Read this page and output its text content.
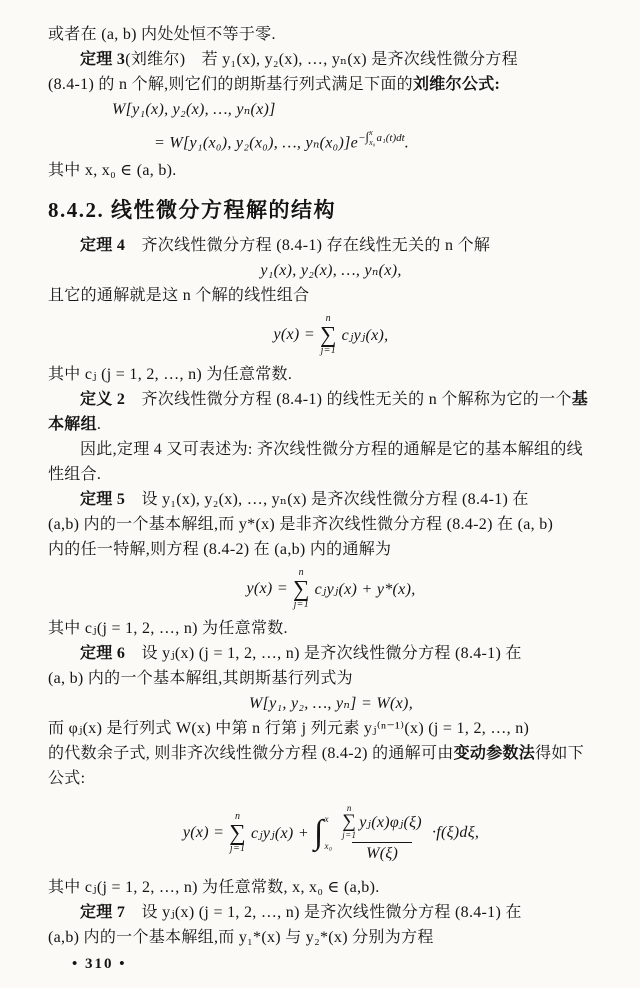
或者在 (a, b) 内处处恒不等于零.
定理 3(刘维尔)　若 y₁(x), y₂(x), …, yₙ(x) 是齐次线性微分方程
(8.4-1) 的 n 个解,则它们的朗斯基行列式满足下面的刘维尔公式:
W[y₁(x), y₂(x), …, yₙ(x)]
= W[y₁(x₀), y₂(x₀), …, $y_n(x_0)]e^{-\int x x_0 a_1(t)dt}$.
其中 x, x₀ ∈ (a, b).
8.4.2. 线性微分方程解的结构
定理 4　齐次线性微分方程 (8.4-1) 存在线性无关的 n 个解
y₁(x), y₂(x), …, yₙ(x),
且它的通解就是这 n 个解的线性组合
y(x) =
n
∑
j=1
cⱼyⱼ(x),
其中 cⱼ (j = 1, 2, …, n) 为任意常数.
定义 2　齐次线性微分方程 (8.4-1) 的线性无关的 n 个解称为它的一个基
本解组.
因此,定理 4 又可表述为: 齐次线性微分方程的通解是它的基本解组的线
性组合.
定理 5　设 y₁(x), y₂(x), …, yₙ(x) 是齐次线性微分方程 (8.4-1) 在
(a,b) 内的一个基本解组,而 y*(x) 是非齐次线性微分方程 (8.4-2) 在 (a, b)
内的任一特解,则方程 (8.4-2) 在 (a,b) 内的通解为
y(x) =
n
∑
j=1
cⱼyⱼ(x) + y*(x),
其中 cⱼ(j = 1, 2, …, n) 为任意常数.
定理 6　设 yⱼ(x) (j = 1, 2, …, n) 是齐次线性微分方程 (8.4-1) 在
(a, b) 内的一个基本解组,其朗斯基行列式为
W[y₁, y₂, …, yₙ] = W(x),
而 φⱼ(x) 是行列式 W(x) 中第 n 行第 j 列元素 yⱼ⁽ⁿ⁻¹⁾(x) (j = 1, 2, …, n)
的代数余子式, 则非齐次线性微分方程 (8.4-2) 的通解可由变动参数法得如下
公式:
y(x) =
n
∑
j=1
cⱼyⱼ(x) + ∫ x
x₀ n
∑
j=1
yⱼ(x)φⱼ(ξ)
W(ξ) ·f(ξ)dξ,
其中 cⱼ(j = 1, 2, …, n) 为任意常数, x, x₀ ∈ (a,b).
定理 7　设 yⱼ(x) (j = 1, 2, …, n) 是齐次线性微分方程 (8.4-1) 在
(a,b) 内的一个基本解组,而 y₁*(x) 与 y₂*(x) 分别为方程
• 310 •
